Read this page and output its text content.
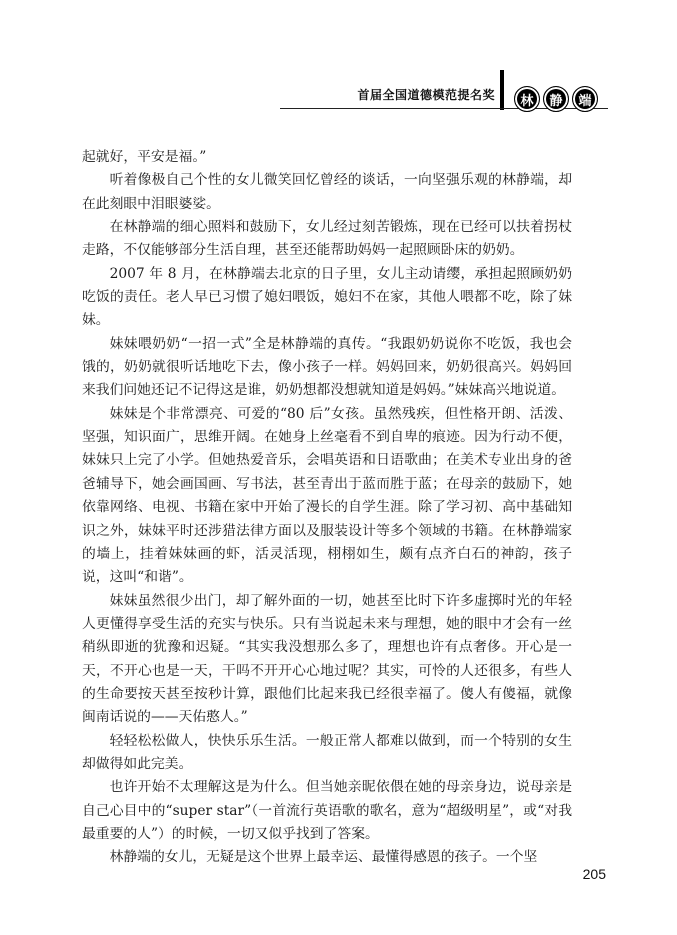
首届全国道德模范提名奖	林	静	端

起就好，平安是福。”

听着像极自己个性的女儿微笑回忆曾经的谈话，一向坚强乐观的林静端，却在此刻眼中泪眼婆娑。

在林静端的细心照料和鼓励下，女儿经过刻苦锻炼，现在已经可以扶着拐杖走路，不仅能够部分生活自理，甚至还能帮助妈妈一起照顾卧床的奶奶。

2007 年 8 月，在林静端去北京的日子里，女儿主动请缨，承担起照顾奶奶吃饭的责任。老人早已习惯了媳妇喂饭，媳妇不在家，其他人喂都不吃，除了妹妹。

妹妹喂奶奶“一招一式”全是林静端的真传。“我跟奶奶说你不吃饭，我也会饿的，奶奶就很听话地吃下去，像小孩子一样。妈妈回来，奶奶很高兴。妈妈回来我们问她还记不记得这是谁，奶奶想都没想就知道是妈妈。”妹妹高兴地说道。

妹妹是个非常漂亮、可爱的“80 后”女孩。虽然残疾，但性格开朗、活泼、坚强，知识面广，思维开阔。在她身上丝毫看不到自卑的痕迹。因为行动不便，妹妹只上完了小学。但她热爱音乐，会唱英语和日语歌曲；在美术专业出身的爸爸辅导下，她会画国画、写书法，甚至青出于蓝而胜于蓝；在母亲的鼓励下，她依靠网络、电视、书籍在家中开始了漫长的自学生涯。除了学习初、高中基础知识之外，妹妹平时还涉猎法律方面以及服装设计等多个领域的书籍。在林静端家的墙上，挂着妹妹画的虾，活灵活现，栩栩如生，颇有点齐白石的神韵，孩子说，这叫“和谐”。

妹妹虽然很少出门，却了解外面的一切，她甚至比时下许多虚掷时光的年轻人更懂得享受生活的充实与快乐。只有当说起未来与理想，她的眼中才会有一丝稍纵即逝的犹豫和迟疑。“其实我没想那么多了，理想也许有点奢侈。开心是一天，不开心也是一天，干吗不开开心心地过呢？其实，可怜的人还很多，有些人的生命要按天甚至按秒计算，跟他们比起来我已经很幸福了。傻人有傻福，就像闽南话说的——天佑憨人。”

轻轻松松做人，快快乐乐生活。一般正常人都难以做到，而一个特别的女生却做得如此完美。

也许开始不太理解这是为什么。但当她亲昵依偎在她的母亲身边，说母亲是自己心目中的“super star”（一首流行英语歌的歌名，意为“超级明星”，或“对我最重要的人”）的时候，一切又似乎找到了答案。

林静端的女儿，无疑是这个世界上最幸运、最懂得感恩的孩子。一个坚

205
